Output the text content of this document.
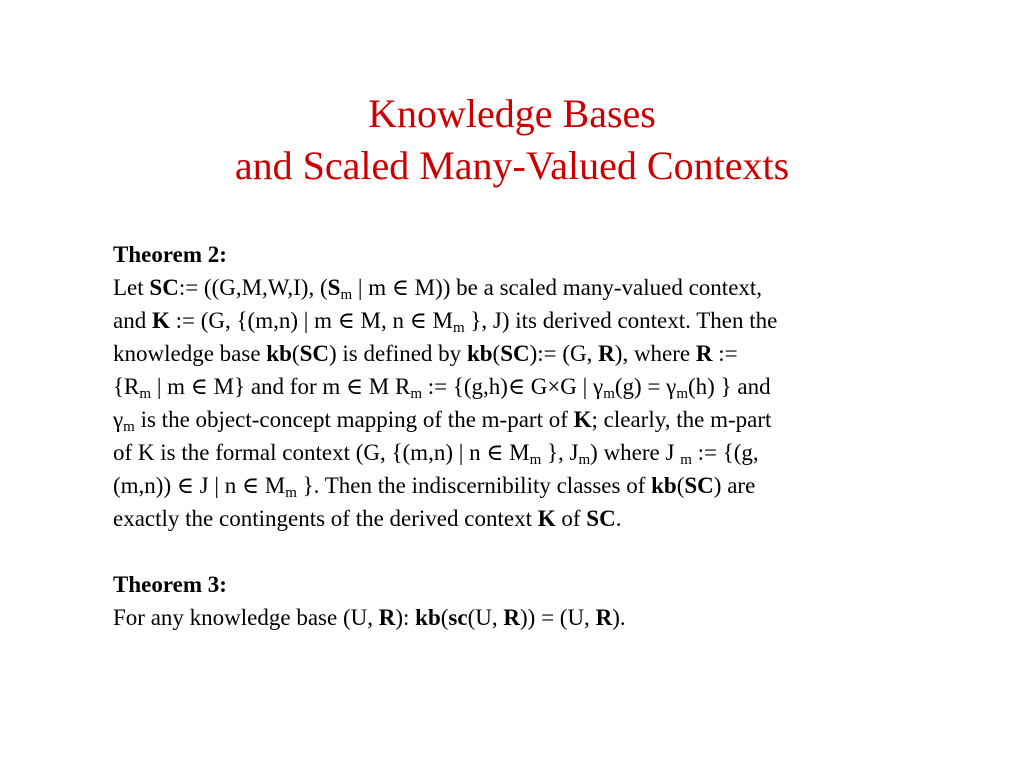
Knowledge Bases
and Scaled Many-Valued Contexts
Theorem 2:
Let SC:= ((G,M,W,I), ($S_m$ | m ∈ M)) be a scaled many-valued context,
and K := (G, {(m,n) | m ∈ M, n ∈ $M_m$ }, J) its derived context. Then the
knowledge base kb(SC) is defined by kb(SC):= (G, R), where R :=
{$R_m$ | m ∈ M} and for m ∈ M $R_m$ := {(g,h)∈ G×G | $\gamma_m(g) = \gamma_m(h)$ } and
$\gamma_m$ is the object-concept mapping of the m-part of K; clearly, the m-part
of K is the formal context (G, {(m,n) | n ∈ $M_m$ }, $J_m$) where J $_m$ := {(g,
(m,n)) ∈ J | n ∈ $M_m$ }. Then the indiscernibility classes of kb(SC) are
exactly the contingents of the derived context K of SC.
Theorem 3:
For any knowledge base (U, R): kb(sc(U, R)) = (U, R).
